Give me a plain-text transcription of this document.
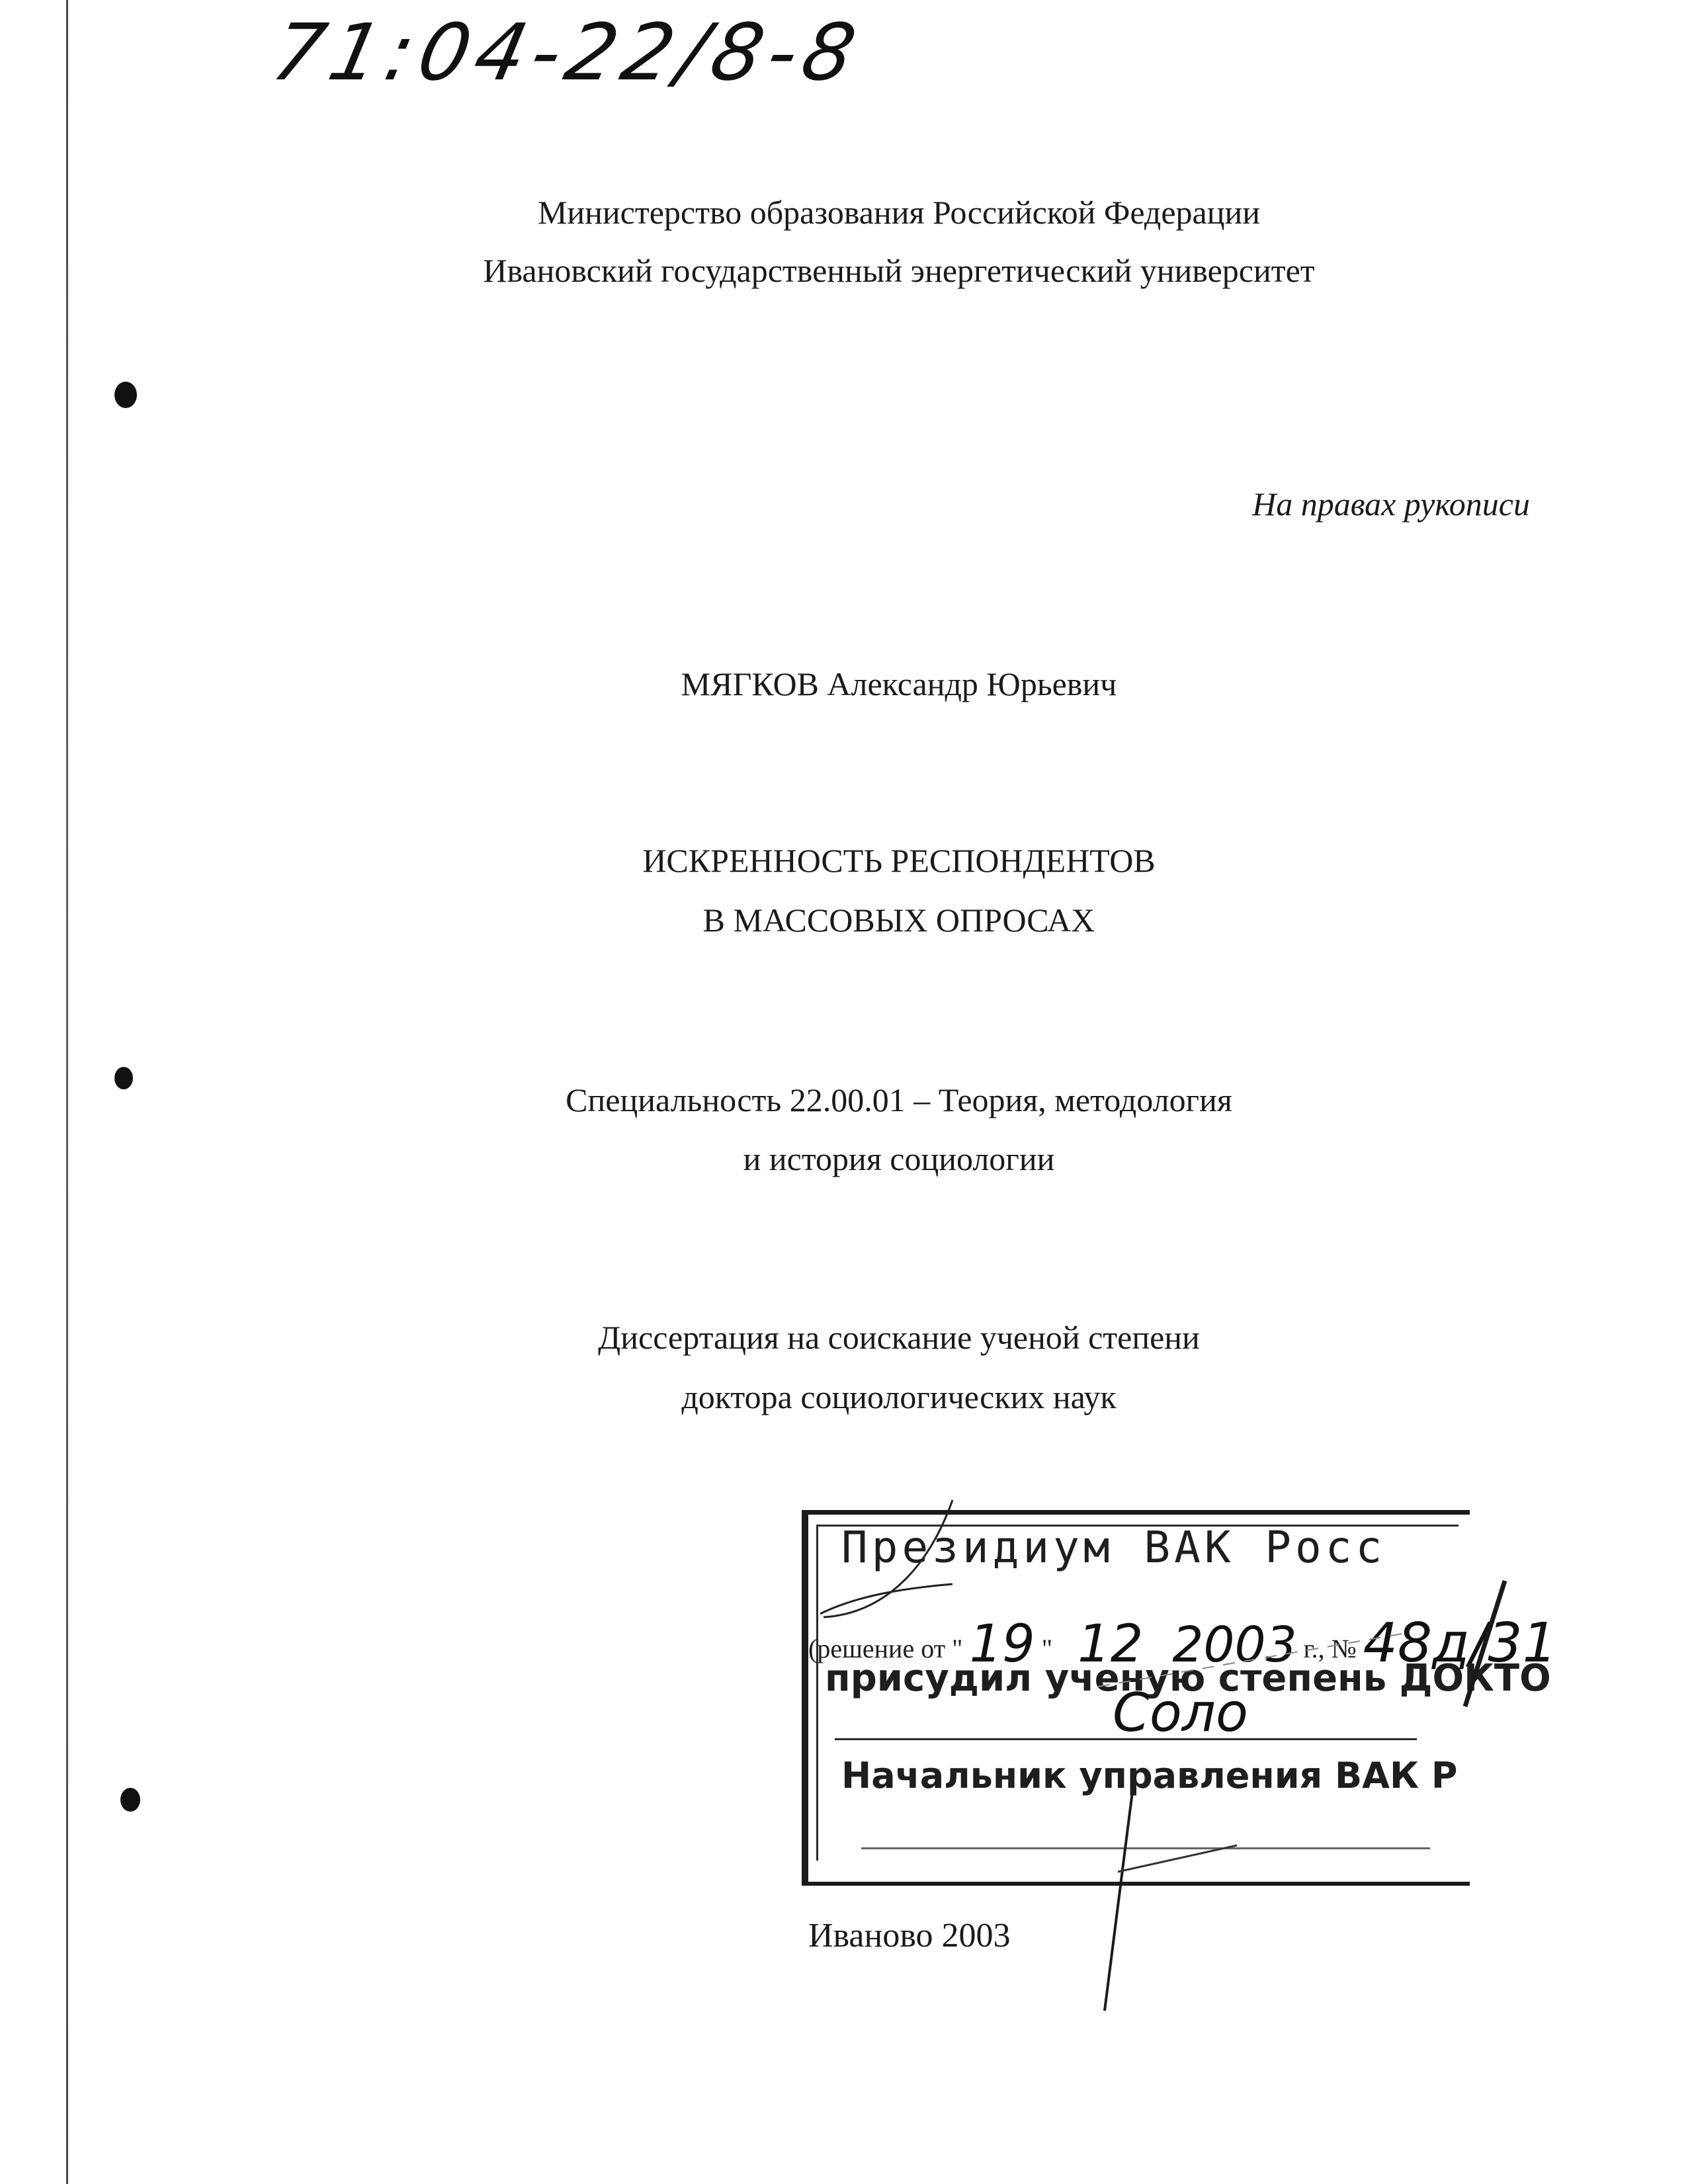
71:04-22/8-8
Министерство образования Российской Федерации
Ивановский государственный энергетический университет
На правах рукописи
МЯГКОВ Александр Юрьевич
ИСКРЕННОСТЬ РЕСПОНДЕНТОВ
В МАССОВЫХ ОПРОСАХ
Специальность 22.00.01 – Теория, методология
и история социологии
Диссертация на соискание ученой степени
доктора социологических наук
Президиум ВАК Росс
(решение от " 19 " 12 2003 г., № 48д/31
присудил ученую степень ДОКТО
Соло
Начальник управления ВАК Р
Иваново 2003
